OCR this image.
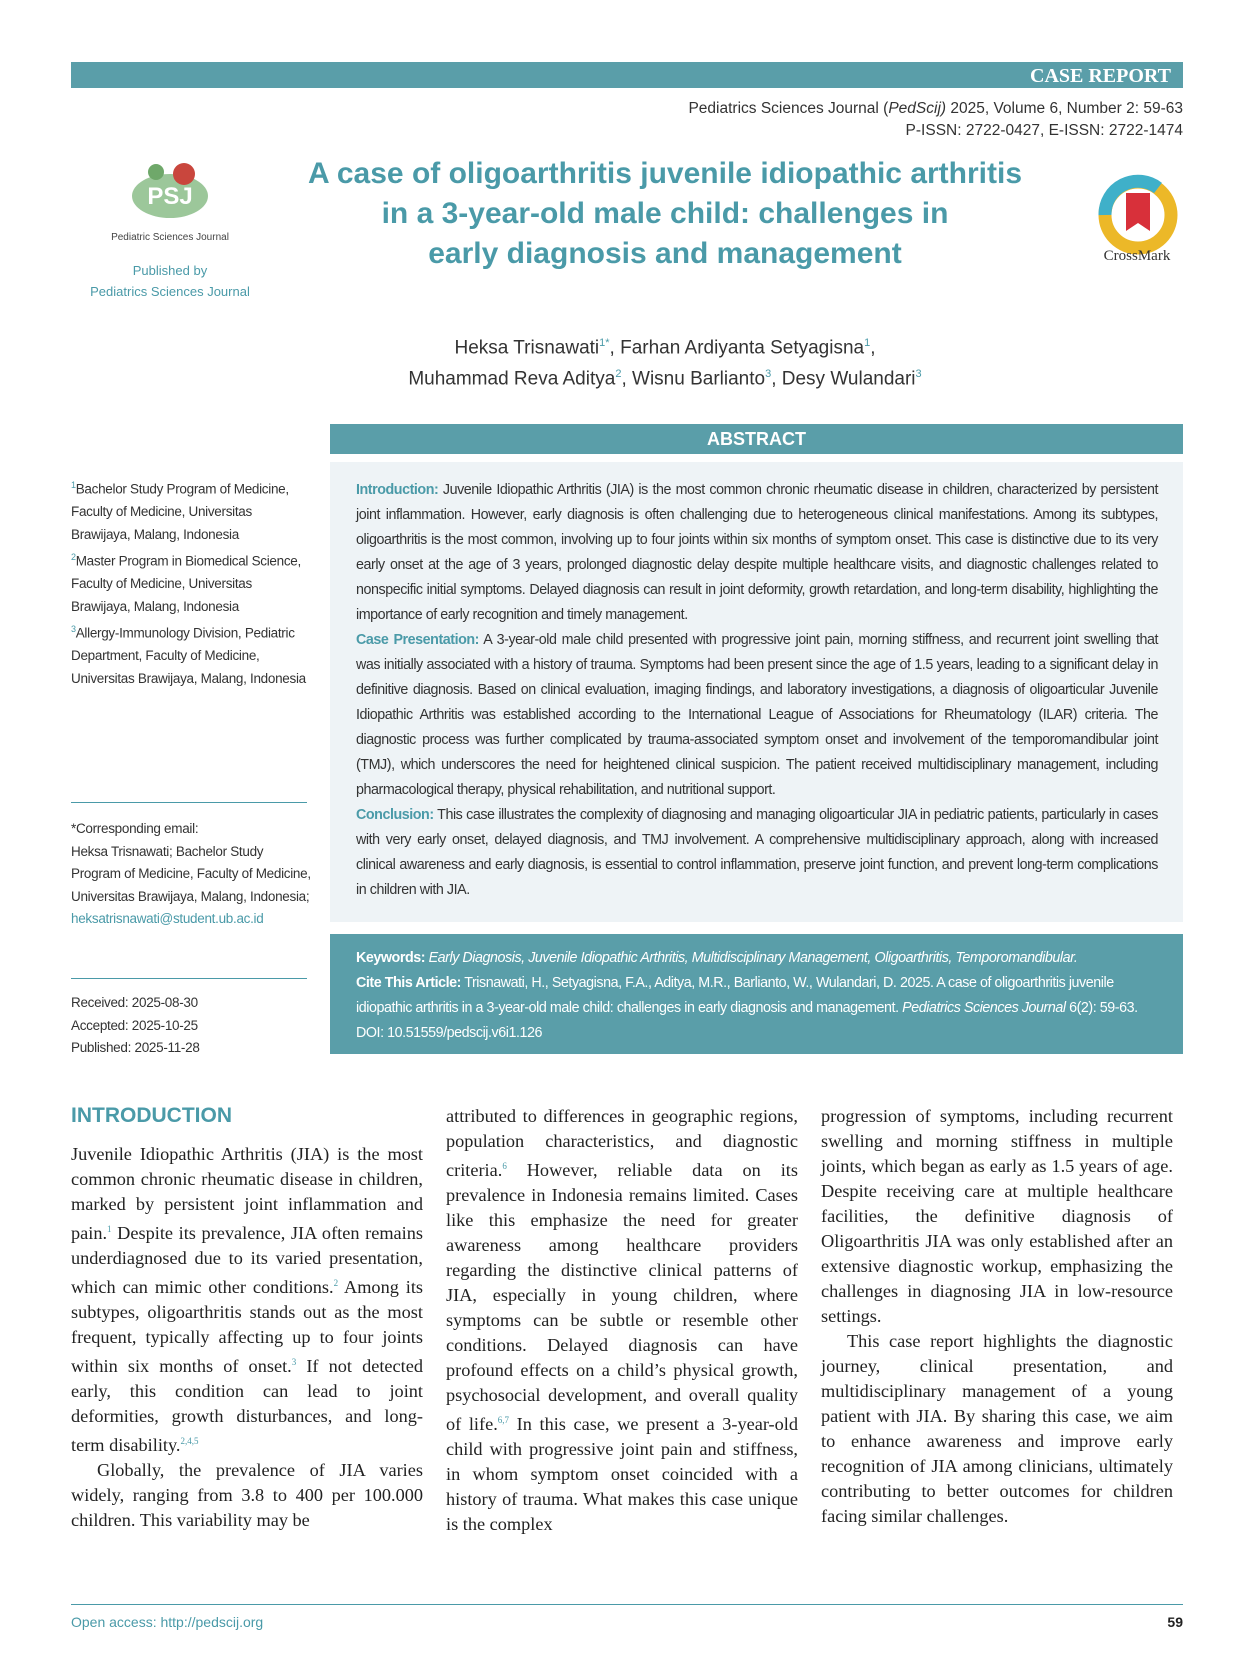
CASE REPORT
Pediatrics Sciences Journal (PedScij) 2025, Volume 6, Number 2: 59-63
P-ISSN: 2722-0427, E-ISSN: 2722-1474
PSJ
Pediatric Sciences Journal
Published by
Pediatrics Sciences Journal
A case of oligoarthritis juvenile idiopathic arthritis
in a 3-year-old male child: challenges in
early diagnosis and management	CrossMark
Heksa Trisnawati$^{1*}$, Farhan Ardiyanta Setyagisna$^1$,
Muhammad Reva Aditya$^2$, Wisnu Barlianto$^3$, Desy Wulandari$^3$
ABSTRACT

Introduction: Juvenile Idiopathic Arthritis (JIA) is the most common chronic rheumatic disease in children, characterized by persistent joint inflammation. However, early diagnosis is often challenging due to heterogeneous clinical manifestations. Among its subtypes, oligoarthritis is the most common, involving up to four joints within six months of symptom onset. This case is distinctive due to its very early onset at the age of 3 years, prolonged diagnostic delay despite multiple healthcare visits, and diagnostic challenges related to nonspecific initial symptoms. Delayed diagnosis can result in joint deformity, growth retardation, and long-term disability, highlighting the importance of early recognition and timely management.

Case Presentation: A 3-year-old male child presented with progressive joint pain, morning stiffness, and recurrent joint swelling that was initially associated with a history of trauma. Symptoms had been present since the age of 1.5 years, leading to a significant delay in definitive diagnosis. Based on clinical evaluation, imaging findings, and laboratory investigations, a diagnosis of oligoarticular Juvenile Idiopathic Arthritis was established according to the International League of Associations for Rheumatology (ILAR) criteria. The diagnostic process was further complicated by trauma-associated symptom onset and involvement of the temporomandibular joint (TMJ), which underscores the need for heightened clinical suspicion. The patient received multidisciplinary management, including pharmacological therapy, physical rehabilitation, and nutritional support.

Conclusion: This case illustrates the complexity of diagnosing and managing oligoarticular JIA in pediatric patients, particularly in cases with very early onset, delayed diagnosis, and TMJ involvement. A comprehensive multidisciplinary approach, along with increased clinical awareness and early diagnosis, is essential to control inflammation, preserve joint function, and prevent long-term complications in children with JIA.

$^1$Bachelor Study Program of Medicine, Faculty of Medicine, Universitas Brawijaya, Malang, Indonesia

$^2$Master Program in Biomedical Science, Faculty of Medicine, Universitas Brawijaya, Malang, Indonesia

$^3$Allergy-Immunology Division, Pediatric Department, Faculty of Medicine, Universitas Brawijaya, Malang, Indonesia

*Corresponding email:
Heksa Trisnawati; Bachelor Study Program of Medicine, Faculty of Medicine, Universitas Brawijaya, Malang, Indonesia;
heksatrisnawati@student.ub.ac.id
Received: 2025-08-30
Accepted: 2025-10-25
Published: 2025-11-28

Keywords: Early Diagnosis, Juvenile Idiopathic Arthritis, Multidisciplinary Management, Oligoarthritis, Temporomandibular.

Cite This Article: Trisnawati, H., Setyagisna, F.A., Aditya, M.R., Barlianto, W., Wulandari, D. 2025. A case of oligoarthritis juvenile idiopathic arthritis in a 3-year-old male child: challenges in early diagnosis and management. Pediatrics Sciences Journal 6(2): 59-63. DOI: 10.51559/pedscij.v6i1.126

INTRODUCTION

Juvenile Idiopathic Arthritis (JIA) is the most common chronic rheumatic disease in children, marked by persistent joint inflammation and pain.$^1$ Despite its prevalence, JIA often remains underdiagnosed due to its varied presentation, which can mimic other conditions.$^2$ Among its subtypes, oligoarthritis stands out as the most frequent, typically affecting up to four joints within six months of onset.$^3$ If not detected early, this condition can lead to joint deformities, growth disturbances, and long-term disability.$^{2,4,5}$

Globally, the prevalence of JIA varies widely, ranging from 3.8 to 400 per 100.000 children. This variability may be

attributed to differences in geographic regions, population characteristics, and diagnostic criteria.$^6$ However, reliable data on its prevalence in Indonesia remains limited. Cases like this emphasize the need for greater awareness among healthcare providers regarding the distinctive clinical patterns of JIA, especially in young children, where symptoms can be subtle or resemble other conditions. Delayed diagnosis can have profound effects on a child’s physical growth, psychosocial development, and overall quality of life.$^{6,7}$ In this case, we present a 3-year-old child with progressive joint pain and stiffness, in whom symptom onset coincided with a history of trauma. What makes this case unique is the complex

progression of symptoms, including recurrent swelling and morning stiffness in multiple joints, which began as early as 1.5 years of age. Despite receiving care at multiple healthcare facilities, the definitive diagnosis of Oligoarthritis JIA was only established after an extensive diagnostic workup, emphasizing the challenges in diagnosing JIA in low-resource settings.

This case report highlights the diagnostic journey, clinical presentation, and multidisciplinary management of a young patient with JIA. By sharing this case, we aim to enhance awareness and improve early recognition of JIA among clinicians, ultimately contributing to better outcomes for children facing similar challenges.

Open access: http://pedscij.org	59
